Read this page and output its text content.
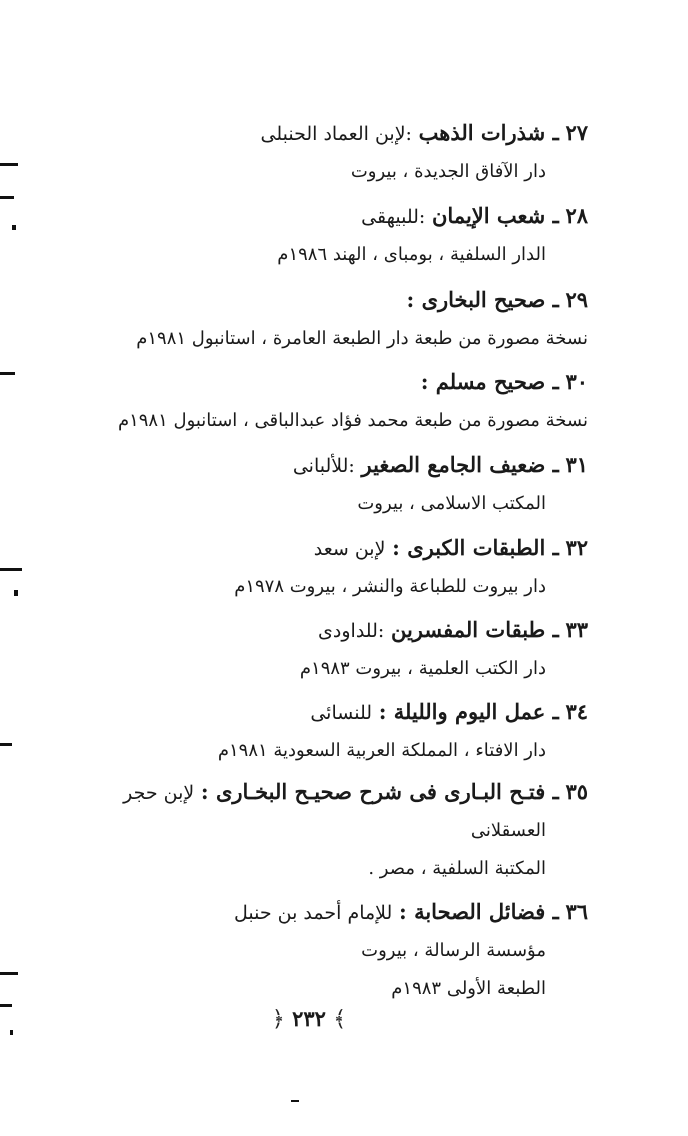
٢٧ ـ شذرات الذهب :لإبن العماد الحنبلى
دار الآفاق الجديدة ، بيروت
٢٨ ـ شعب الإيمان :للبيهقى
الدار السلفية ، بومباى ، الهند ١٩٨٦م
٢٩ ـ صحيح البخارى :
نسخة مصورة من طبعة دار الطبعة العامرة ، استانبول ١٩٨١م
٣٠ ـ صحيح مسلم :
نسخة مصورة من طبعة محمد فؤاد عبدالباقى ، استانبول ١٩٨١م
٣١ ـ ضعيف الجامع الصغير :للألبانى
المكتب الاسلامى ، بيروت
٣٢ ـ الطبقات الكبرى : لإبن سعد
دار بيروت للطباعة والنشر ، بيروت ١٩٧٨م
٣٣ ـ طبقات المفسرين :للداودى
دار الكتب العلمية ، بيروت ١٩٨٣م
٣٤ ـ عمل اليوم والليلة : للنسائى
دار الافتاء ، المملكة العربية السعودية ١٩٨١م
٣٥ ـ فتـح البـارى فى شرح صحيـح البخـارى : لإبن حجر
العسقلانى
المكتبة السلفية ، مصر .
٣٦ ـ فضائل الصحابة : للإمام أحمد بن حنبل
مؤسسة الرسالة ، بيروت
الطبعة الأولى ١٩٨٣م
﴾ ٢٣٢ ﴿
